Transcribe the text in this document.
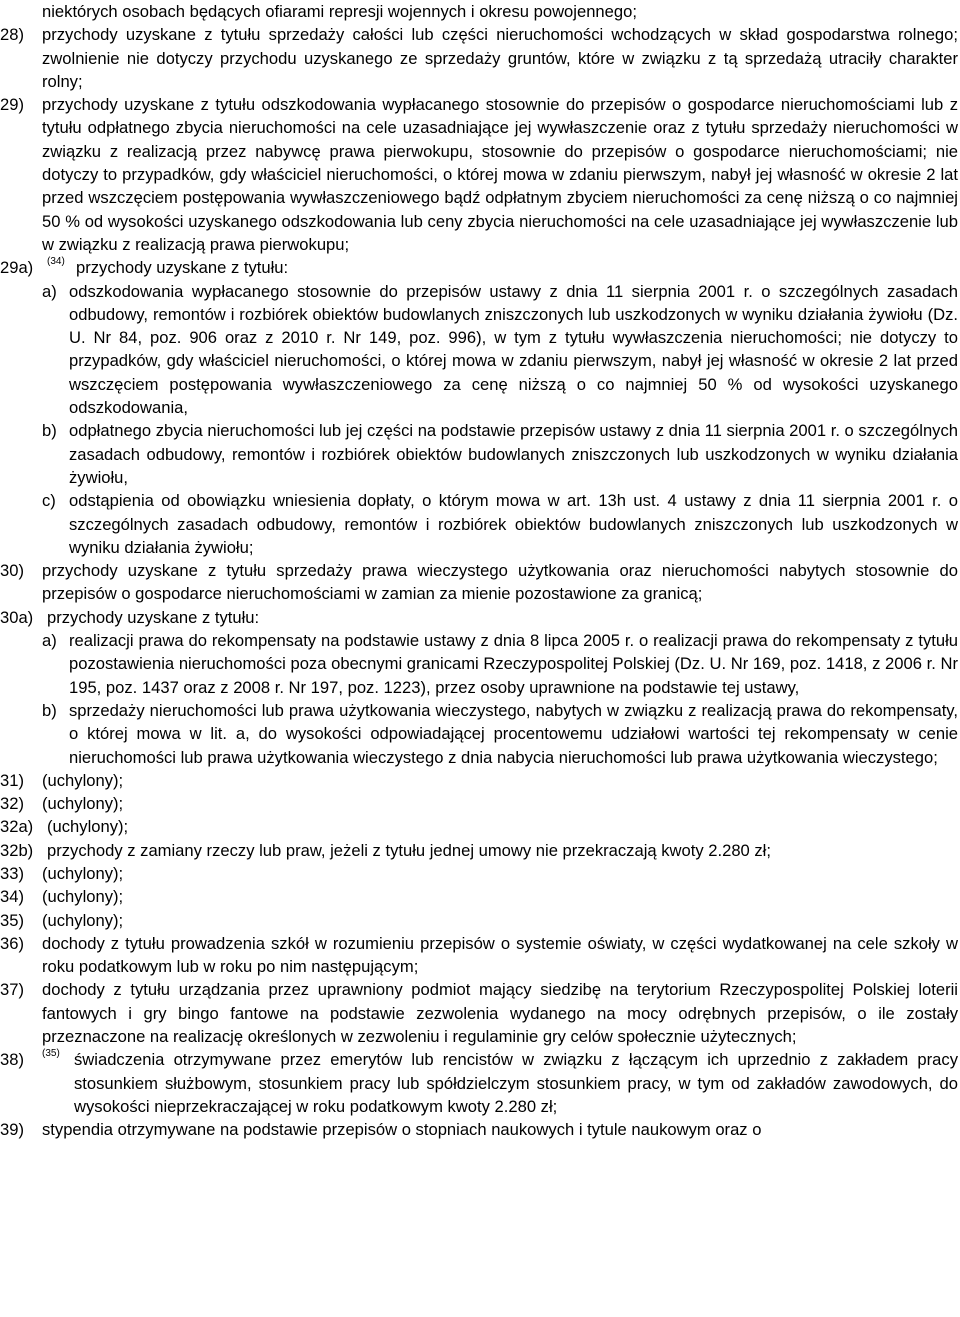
niektórych osobach będących ofiarami represji wojennych i okresu powojennego;
28) przychody uzyskane z tytułu sprzedaży całości lub części nieruchomości wchodzących w skład gospodarstwa rolnego; zwolnienie nie dotyczy przychodu uzyskanego ze sprzedaży gruntów, które w związku z tą sprzedażą utraciły charakter rolny;
29) przychody uzyskane z tytułu odszkodowania wypłacanego stosownie do przepisów o gospodarce nieruchomościami lub z tytułu odpłatnego zbycia nieruchomości na cele uzasadniające jej wywłaszczenie oraz z tytułu sprzedaży nieruchomości w związku z realizacją przez nabywcę prawa pierwokupu, stosownie do przepisów o gospodarce nieruchomościami; nie dotyczy to przypadków, gdy właściciel nieruchomości, o której mowa w zdaniu pierwszym, nabył jej własność w okresie 2 lat przed wszczęciem postępowania wywłaszczeniowego bądź odpłatnym zbyciem nieruchomości za cenę niższą o co najmniej 50 % od wysokości uzyskanego odszkodowania lub ceny zbycia nieruchomości na cele uzasadniające jej wywłaszczenie lub w związku z realizacją prawa pierwokupu;
29a) (34) przychody uzyskane z tytułu:
a) odszkodowania wypłacanego stosownie do przepisów ustawy z dnia 11 sierpnia 2001 r. o szczególnych zasadach odbudowy, remontów i rozbiórek obiektów budowlanych zniszczonych lub uszkodzonych w wyniku działania żywiołu (Dz. U. Nr 84, poz. 906 oraz z 2010 r. Nr 149, poz. 996), w tym z tytułu wywłaszczenia nieruchomości; nie dotyczy to przypadków, gdy właściciel nieruchomości, o której mowa w zdaniu pierwszym, nabył jej własność w okresie 2 lat przed wszczęciem postępowania wywłaszczeniowego za cenę niższą o co najmniej 50 % od wysokości uzyskanego odszkodowania,
b) odpłatnego zbycia nieruchomości lub jej części na podstawie przepisów ustawy z dnia 11 sierpnia 2001 r. o szczególnych zasadach odbudowy, remontów i rozbiórek obiektów budowlanych zniszczonych lub uszkodzonych w wyniku działania żywiołu,
c) odstąpienia od obowiązku wniesienia dopłaty, o którym mowa w art. 13h ust. 4 ustawy z dnia 11 sierpnia 2001 r. o szczególnych zasadach odbudowy, remontów i rozbiórek obiektów budowlanych zniszczonych lub uszkodzonych w wyniku działania żywiołu;
30) przychody uzyskane z tytułu sprzedaży prawa wieczystego użytkowania oraz nieruchomości nabytych stosownie do przepisów o gospodarce nieruchomościami w zamian za mienie pozostawione za granicą;
30a) przychody uzyskane z tytułu:
a) realizacji prawa do rekompensaty na podstawie ustawy z dnia 8 lipca 2005 r. o realizacji prawa do rekompensaty z tytułu pozostawienia nieruchomości poza obecnymi granicami Rzeczypospolitej Polskiej (Dz. U. Nr 169, poz. 1418, z 2006 r. Nr 195, poz. 1437 oraz z 2008 r. Nr 197, poz. 1223), przez osoby uprawnione na podstawie tej ustawy,
b) sprzedaży nieruchomości lub prawa użytkowania wieczystego, nabytych w związku z realizacją prawa do rekompensaty, o której mowa w lit. a, do wysokości odpowiadającej procentowemu udziałowi wartości tej rekompensaty w cenie nieruchomości lub prawa użytkowania wieczystego z dnia nabycia nieruchomości lub prawa użytkowania wieczystego;
31) (uchylony);
32) (uchylony);
32a) (uchylony);
32b) przychody z zamiany rzeczy lub praw, jeżeli z tytułu jednej umowy nie przekraczają kwoty 2.280 zł;
33) (uchylony);
34) (uchylony);
35) (uchylony);
36) dochody z tytułu prowadzenia szkół w rozumieniu przepisów o systemie oświaty, w części wydatkowanej na cele szkoły w roku podatkowym lub w roku po nim następującym;
37) dochody z tytułu urządzania przez uprawniony podmiot mający siedzibę na terytorium Rzeczypospolitej Polskiej loterii fantowych i gry bingo fantowe na podstawie zezwolenia wydanego na mocy odrębnych przepisów, o ile zostały przeznaczone na realizację określonych w zezwoleniu i regulaminie gry celów społecznie użytecznych;
38) (35) świadczenia otrzymywane przez emerytów lub rencistów w związku z łączącym ich uprzednio z zakładem pracy stosunkiem służbowym, stosunkiem pracy lub spółdzielczym stosunkiem pracy, w tym od zakładów zawodowych, do wysokości nieprzekraczającej w roku podatkowym kwoty 2.280 zł;
39) stypendia otrzymywane na podstawie przepisów o stopniach naukowych i tytule naukowym oraz o
